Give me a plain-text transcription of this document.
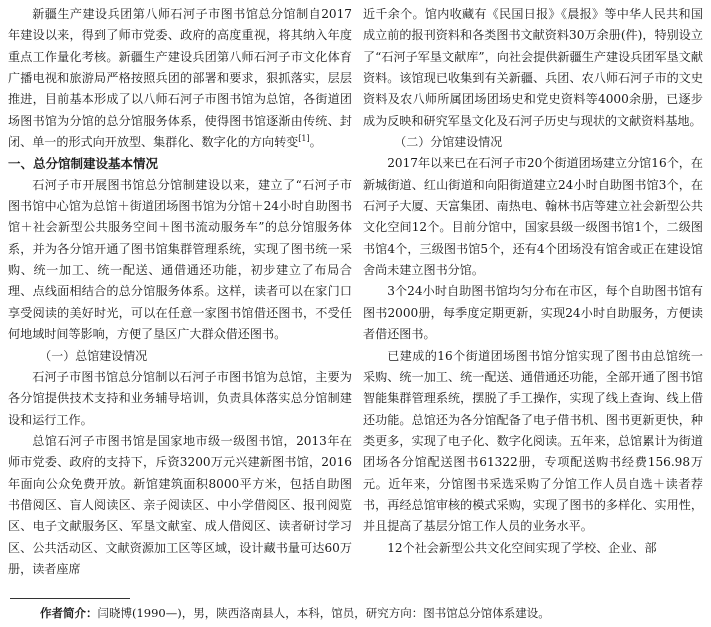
新疆生产建设兵团第八师石河子市图书馆总分馆制自2017年建设以来，得到了师市党委、政府的高度重视，将其纳入年度重点工作量化考核。新疆生产建设兵团第八师石河子市文化体育广播电视和旅游局严格按照兵团的部署和要求，狠抓落实，层层推进，目前基本形成了以八师石河子市图书馆为总馆，各街道团场图书馆为分馆的总分馆服务体系，使得图书馆逐渐由传统、封闭、单一的形式向开放型、集群化、数字化的方向转变[1]。

一、总分馆制建设基本情况

石河子市开展图书馆总分馆制建设以来，建立了“石河子市图书馆中心馆为总馆＋街道团场图书馆为分馆＋24小时自助图书馆＋社会新型公共服务空间＋图书流动服务车”的总分馆服务体系，并为各分馆开通了图书馆集群管理系统，实现了图书统一采购、统一加工、统一配送、通借通还功能，初步建立了布局合理、点线面相结合的总分馆服务体系。这样，读者可以在家门口享受阅读的美好时光，可以在任意一家图书馆借还图书，不受任何地域时间等影响，方便了垦区广大群众借还图书。

（一）总馆建设情况

石河子市图书馆总分馆制以石河子市图书馆为总馆，主要为各分馆提供技术支持和业务辅导培训，负责具体落实总分馆制建设和运行工作。

总馆石河子市图书馆是国家地市级一级图书馆，2013年在师市党委、政府的支持下，斥资3200万元兴建新图书馆，2016年面向公众免费开放。新馆建筑面积8000平方米，包括自助图书借阅区、盲人阅读区、亲子阅读区、中小学借阅区、报刊阅览区、电子文献服务区、军垦文献室、成人借阅区、读者研讨学习区、公共活动区、文献资源加工区等区域，设计藏书量可达60万册，读者座席

近千余个。馆内收藏有《民国日报》《晨报》等中华人民共和国成立前的报刊资料和各类图书文献资料30万余册(件)，特别设立了“石河子军垦文献库”，向社会提供新疆生产建设兵团军垦文献资料。该馆现已收集到有关新疆、兵团、农八师石河子市的文史资料及农八师所属团场团场史和党史资料等4000余册，已逐步成为反映和研究军垦文化及石河子历史与现状的文献资料基地。

（二）分馆建设情况

2017年以来已在石河子市20个街道团场建立分馆16个，在新城街道、红山街道和向阳街道建立24小时自助图书馆3个，在石河子大厦、天富集团、南热电、翰林书店等建立社会新型公共文化空间12个。目前分馆中，国家县级一级图书馆1个，二级图书馆4个，三级图书馆5个，还有4个团场没有馆舍或正在建设馆舍尚未建立图书分馆。

3个24小时自助图书馆均匀分布在市区，每个自助图书馆有图书2000册，每季度定期更新，实现24小时自助服务，方便读者借还图书。

已建成的16个街道团场图书馆分馆实现了图书由总馆统一采购、统一加工、统一配送、通借通还功能，全部开通了图书馆智能集群管理系统，摆脱了手工操作，实现了线上查询、线上借还功能。总馆还为各分馆配备了电子借书机、图书更新更快，种类更多，实现了电子化、数字化阅读。五年来，总馆累计为街道团场各分馆配送图书61322册，专项配送购书经费156.98万元。近年来，分馆图书采选采购了分馆工作人员自选＋读者荐书，再经总馆审核的模式采购，实现了图书的多样化、实用性，并且提高了基层分馆工作人员的业务水平。

12个社会新型公共文化空间实现了学校、企业、部

作者简介：闫晓博(1990—)，男，陕西洛南县人，本科，馆员，研究方向：图书馆总分馆体系建设。
